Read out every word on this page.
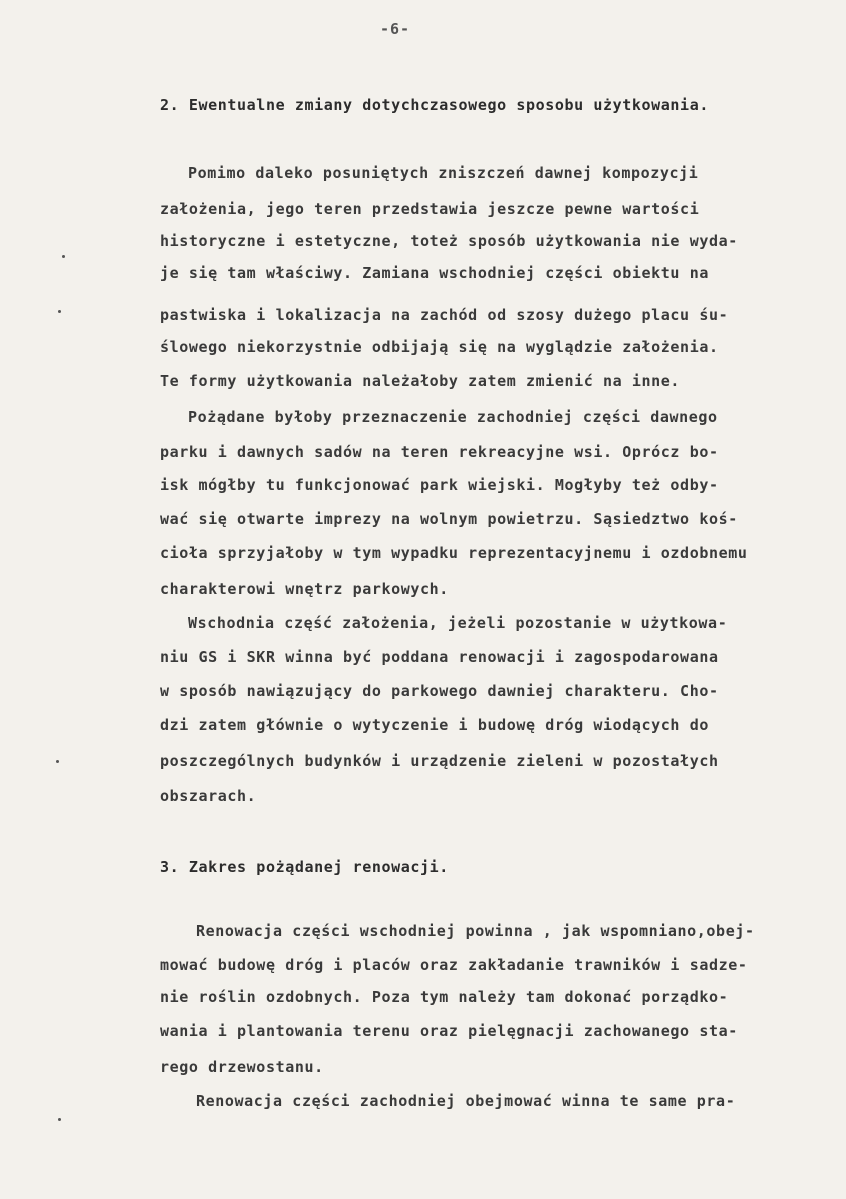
-6-
2. Ewentualne zmiany dotychczasowego sposobu użytkowania.
Pomimo daleko posuniętych zniszczeń dawnej kompozycji
założenia, jego teren przedstawia jeszcze pewne wartości
historyczne i estetyczne, toteż sposób użytkowania nie wyda-
je się tam właściwy. Zamiana wschodniej części obiektu na
pastwiska i lokalizacja na zachód od szosy dużego placu śu-
ślowego niekorzystnie odbijają się na wyglądzie założenia.
Te formy użytkowania należałoby zatem zmienić na inne.
Pożądane byłoby przeznaczenie zachodniej części dawnego
parku i dawnych sadów na teren rekreacyjne wsi. Oprócz bo-
isk mógłby tu funkcjonować park wiejski. Mogłyby też odby-
wać się otwarte imprezy na wolnym powietrzu. Sąsiedztwo koś-
cioła sprzyjałoby w tym wypadku reprezentacyjnemu i ozdobnemu
charakterowi wnętrz parkowych.
Wschodnia część założenia, jeżeli pozostanie w użytkowa-
niu GS i SKR winna być poddana renowacji i zagospodarowana
w sposób nawiązujący do parkowego dawniej charakteru. Cho-
dzi zatem głównie o wytyczenie i budowę dróg wiodących do
poszczególnych budynków i urządzenie zieleni w pozostałych
obszarach.
3. Zakres pożądanej renowacji.
Renowacja części wschodniej powinna , jak wspomniano,obej-
mować budowę dróg i placów oraz zakładanie trawników i sadze-
nie roślin ozdobnych. Poza tym należy tam dokonać porządko-
wania i plantowania terenu oraz pielęgnacji zachowanego sta-
rego drzewostanu.
Renowacja części zachodniej obejmować winna te same pra-
